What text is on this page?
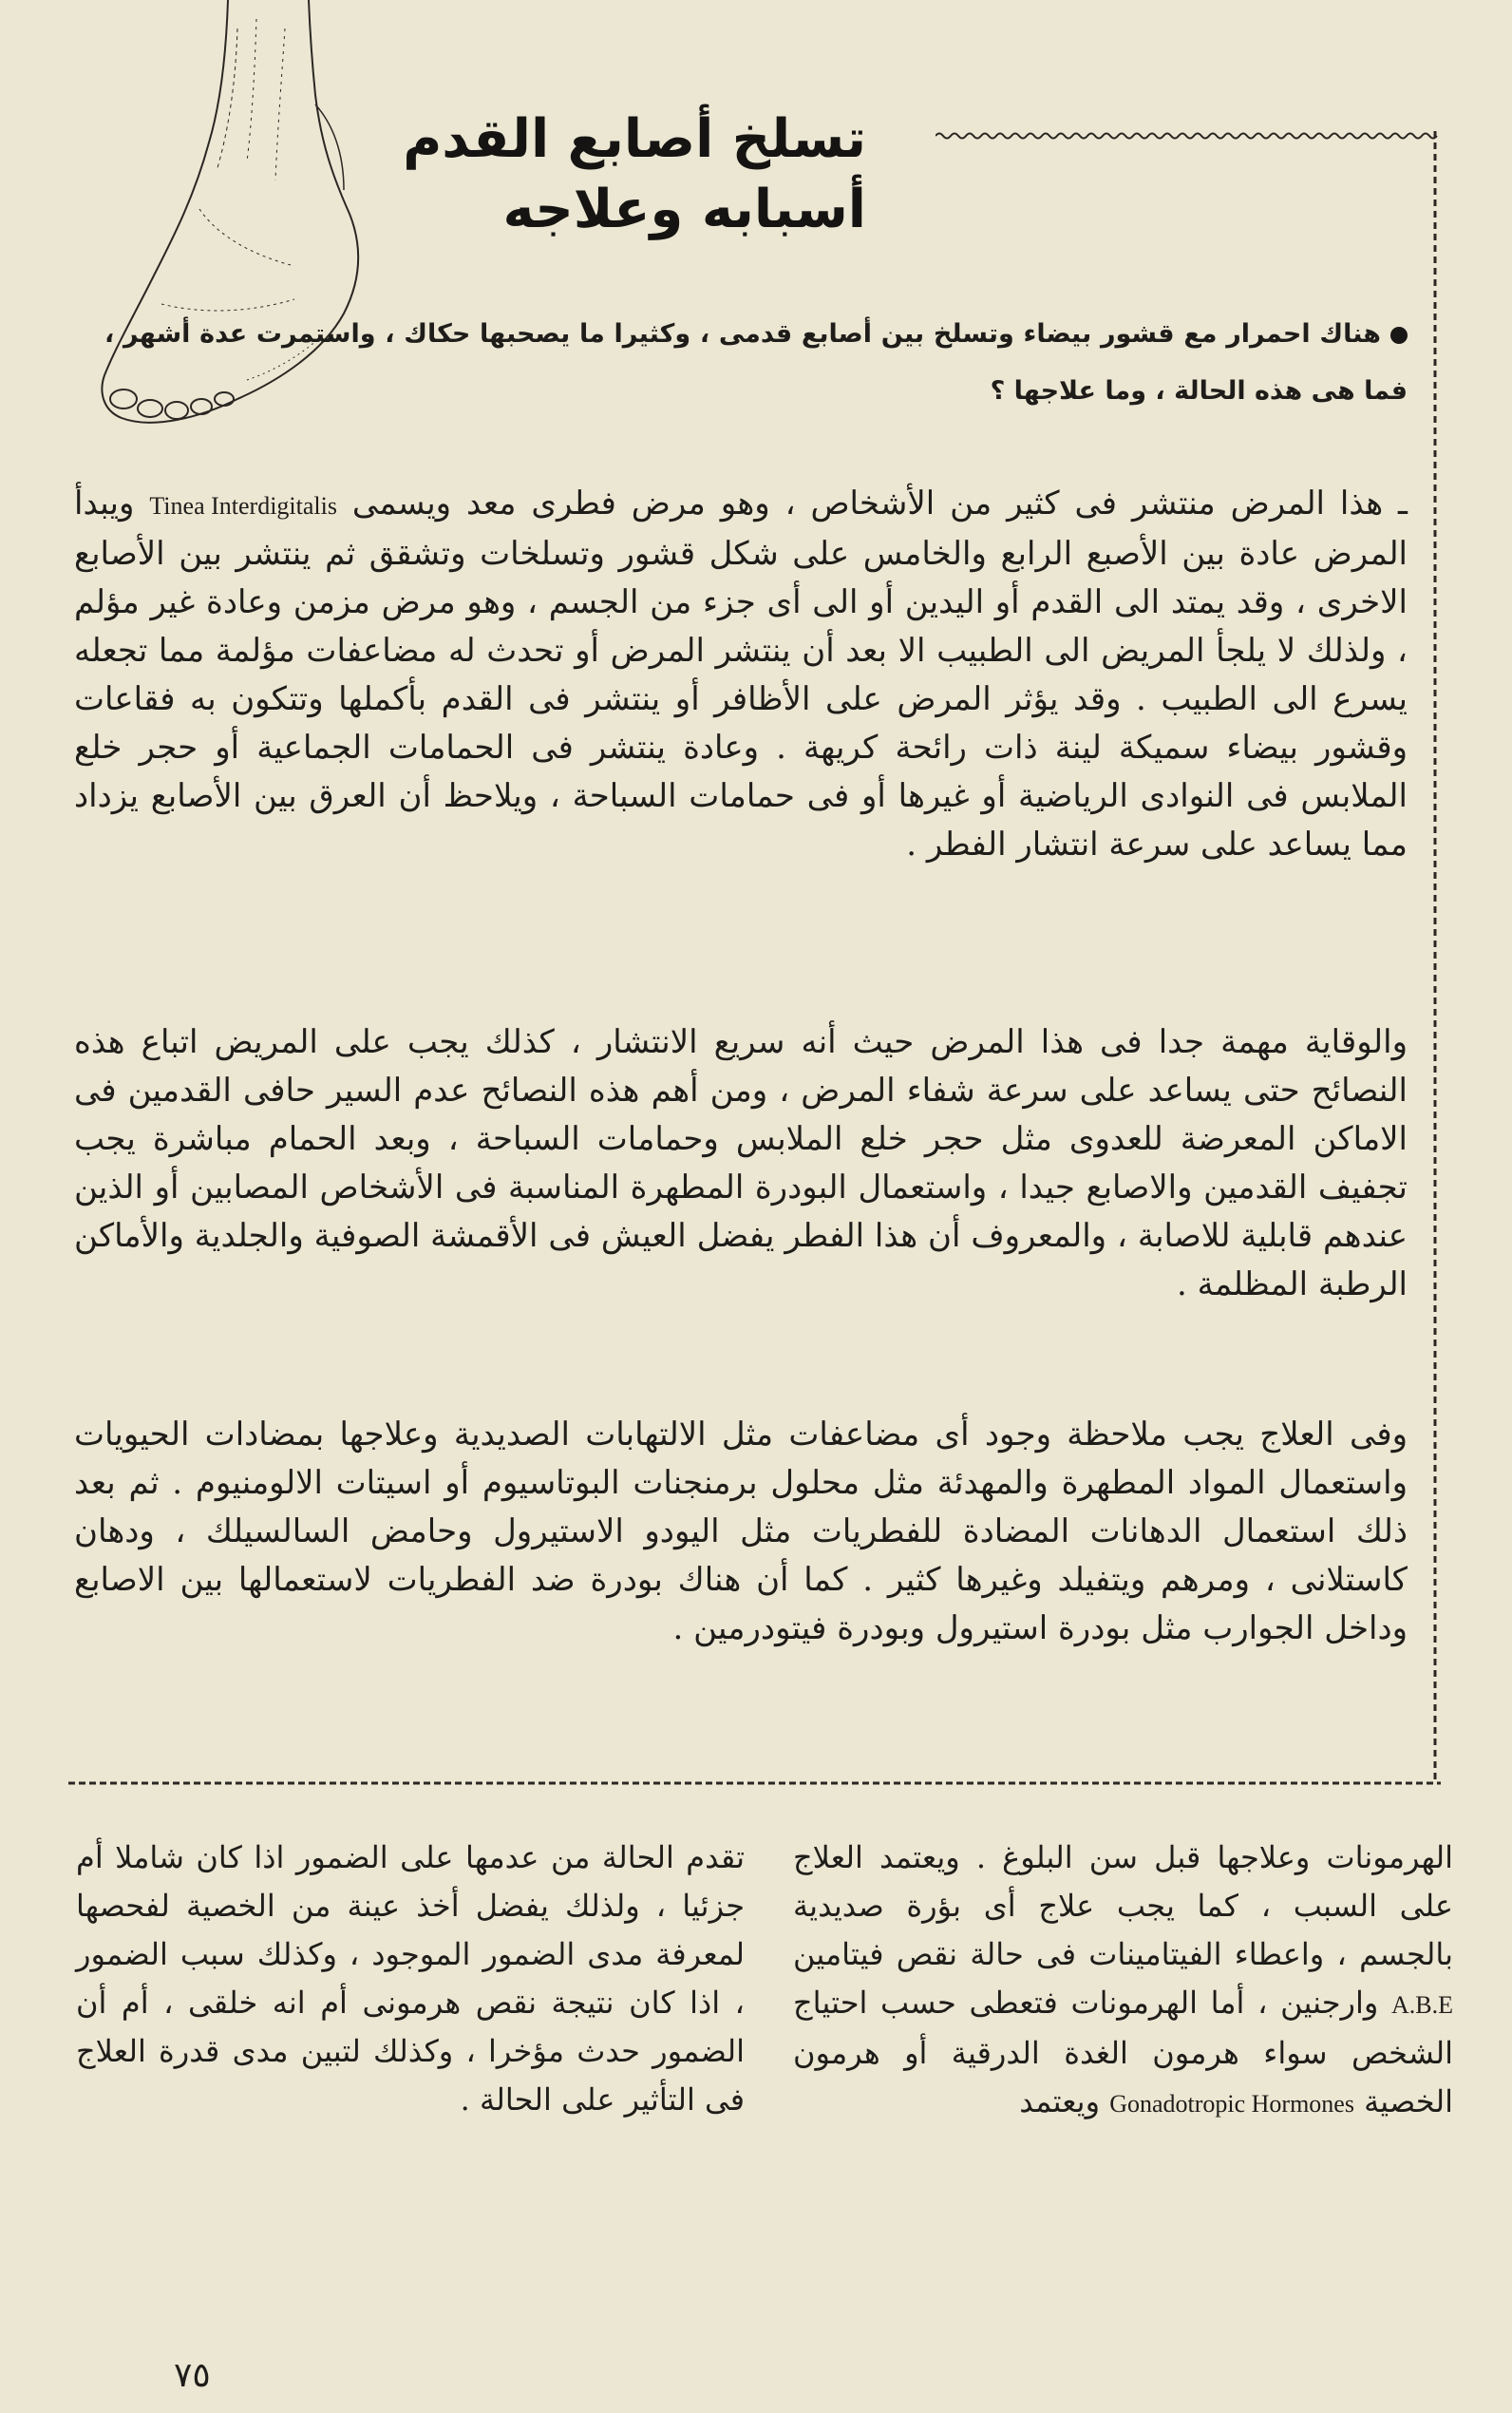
تسلخ أصابع القدم
أسبابه وعلاجه

هناك احمرار مع قشور بيضاء وتسلخ بين أصابع قدمى ، وكثيرا ما يصحبها حكاك ، واستمرت عدة أشهر ، فما هى هذه الحالة ، وما علاجها ؟

ـ هذا المرض منتشر فى كثير من الأشخاص ، وهو مرض فطرى معد ويسمى Tinea Interdigitalis ويبدأ المرض عادة بين الأصبع الرابع والخامس على شكل قشور وتسلخات وتشقق ثم ينتشر بين الأصابع الاخرى ، وقد يمتد الى القدم أو اليدين أو الى أى جزء من الجسم ، وهو مرض مزمن وعادة غير مؤلم ، ولذلك لا يلجأ المريض الى الطبيب الا بعد أن ينتشر المرض أو تحدث له مضاعفات مؤلمة مما تجعله يسرع الى الطبيب . وقد يؤثر المرض على الأظافر أو ينتشر فى القدم بأكملها وتتكون به فقاعات وقشور بيضاء سميكة لينة ذات رائحة كريهة . وعادة ينتشر فى الحمامات الجماعية أو حجر خلع الملابس فى النوادى الرياضية أو غيرها أو فى حمامات السباحة ، ويلاحظ أن العرق بين الأصابع يزداد مما يساعد على سرعة انتشار الفطر .

والوقاية مهمة جدا فى هذا المرض حيث أنه سريع الانتشار ، كذلك يجب على المريض اتباع هذه النصائح حتى يساعد على سرعة شفاء المرض ، ومن أهم هذه النصائح عدم السير حافى القدمين فى الاماكن المعرضة للعدوى مثل حجر خلع الملابس وحمامات السباحة ، وبعد الحمام مباشرة يجب تجفيف القدمين والاصابع جيدا ، واستعمال البودرة المطهرة المناسبة فى الأشخاص المصابين أو الذين عندهم قابلية للاصابة ، والمعروف أن هذا الفطر يفضل العيش فى الأقمشة الصوفية والجلدية والأماكن الرطبة المظلمة .

وفى العلاج يجب ملاحظة وجود أى مضاعفات مثل الالتهابات الصديدية وعلاجها بمضادات الحيويات واستعمال المواد المطهرة والمهدئة مثل محلول برمنجنات البوتاسيوم أو اسيتات الالومنيوم . ثم بعد ذلك استعمال الدهانات المضادة للفطريات مثل اليودو الاستيرول وحامض السالسيلك ، ودهان كاستلانى ، ومرهم ويتفيلد وغيرها كثير . كما أن هناك بودرة ضد الفطريات لاستعمالها بين الاصابع وداخل الجوارب مثل بودرة استيرول وبودرة فيتودرمين .

الهرمونات وعلاجها قبل سن البلوغ . ويعتمد العلاج على السبب ، كما يجب علاج أى بؤرة صديدية بالجسم ، واعطاء الفيتامينات فى حالة نقص فيتامين A.B.E وارجنين ، أما الهرمونات فتعطى حسب احتياج الشخص سواء هرمون الغدة الدرقية أو هرمون الخصية Gonadotropic Hormones ويعتمد

تقدم الحالة من عدمها على الضمور اذا كان شاملا أم جزئيا ، ولذلك يفضل أخذ عينة من الخصية لفحصها لمعرفة مدى الضمور الموجود ، وكذلك سبب الضمور ، اذا كان نتيجة نقص هرمونى أم انه خلقى ، أم أن الضمور حدث مؤخرا ، وكذلك لتبين مدى قدرة العلاج فى التأثير على الحالة .

٧٥
